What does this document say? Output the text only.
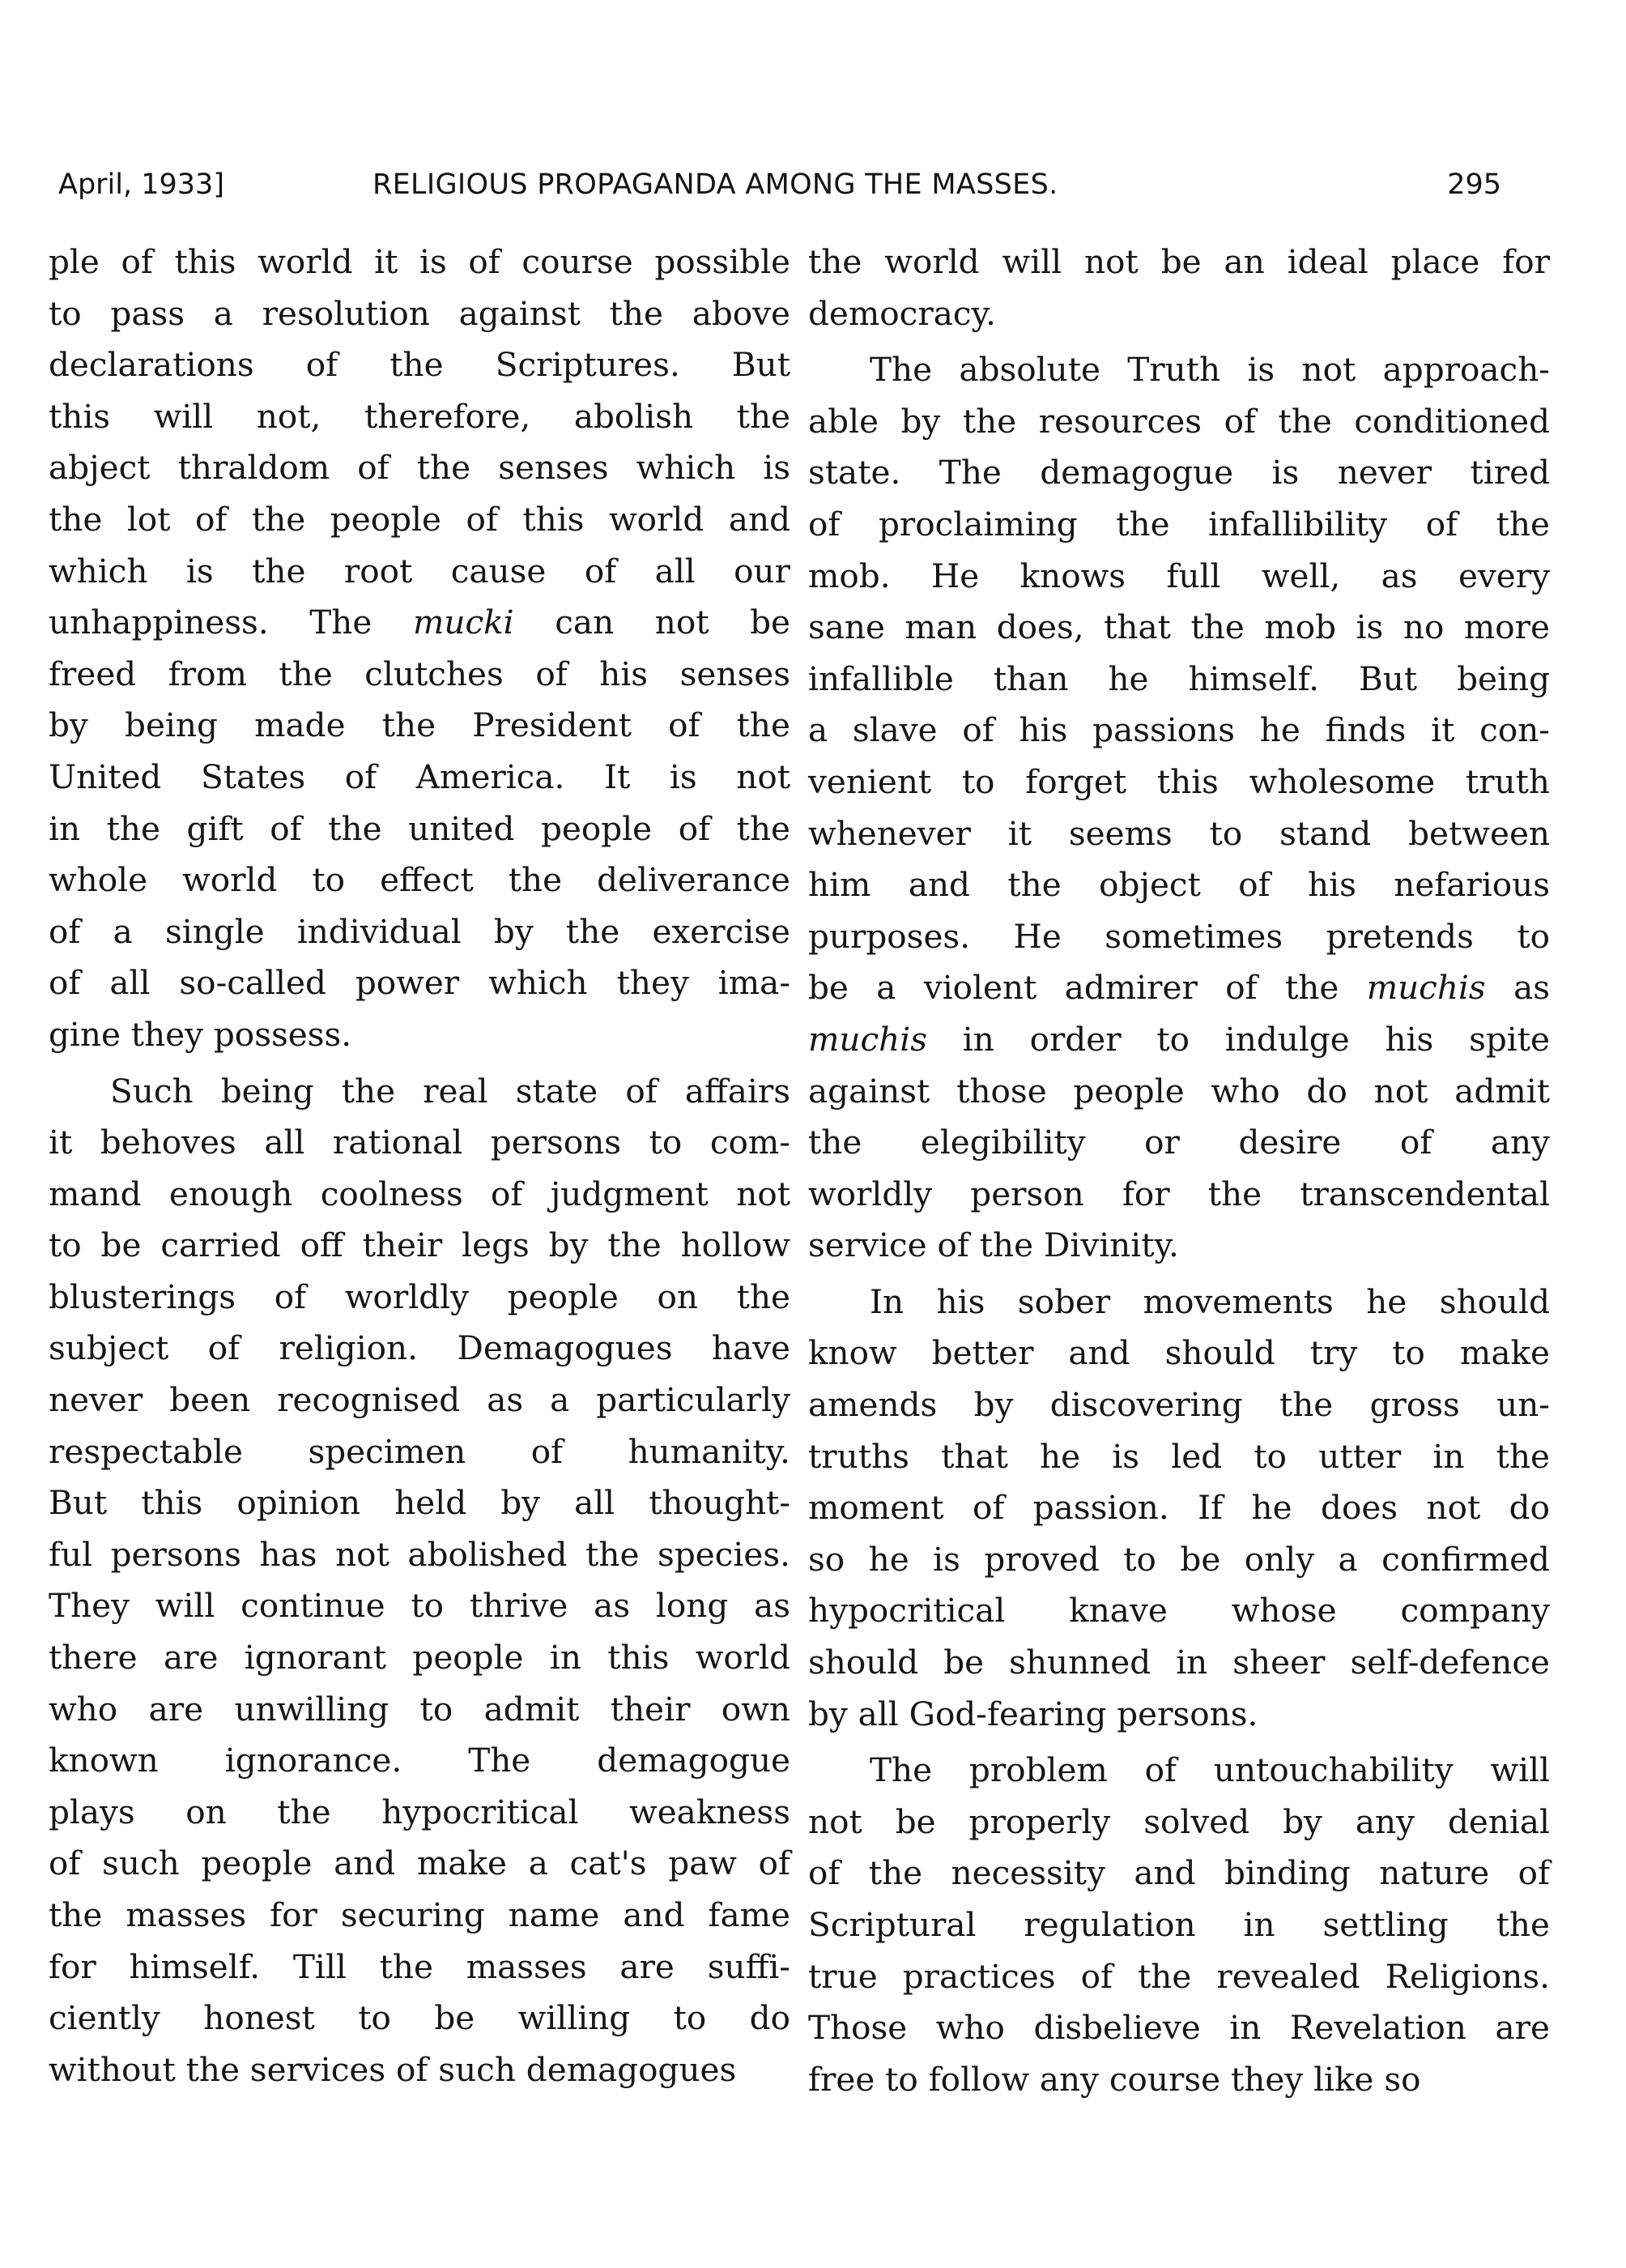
April, 1933]	RELIGIOUS PROPAGANDA AMONG THE MASSES.	295
ple of this world it is of course possible
to pass a resolution against the above
declarations of the Scriptures. But
this will not, therefore, abolish the
abject thraldom of the senses which is
the lot of the people of this world and
which is the root cause of all our
unhappiness. The mucki can not be
freed from the clutches of his senses
by being made the President of the
United States of America. It is not
in the gift of the united people of the
whole world to effect the deliverance
of a single individual by the exercise
of all so-called power which they ima-
gine they possess.
Such being the real state of affairs
it behoves all rational persons to com-
mand enough coolness of judgment not
to be carried off their legs by the hollow
blusterings of worldly people on the
subject of religion. Demagogues have
never been recognised as a particularly
respectable specimen of humanity.
But this opinion held by all thought-
ful persons has not abolished the species.
They will continue to thrive as long as
there are ignorant people in this world
who are unwilling to admit their own
known ignorance. The demagogue
plays on the hypocritical weakness
of such people and make a cat's paw of
the masses for securing name and fame
for himself. Till the masses are suffi-
ciently honest to be willing to do
without the services of such demagogues
the world will not be an ideal place for
democracy.
The absolute Truth is not approach-
able by the resources of the conditioned
state. The demagogue is never tired
of proclaiming the infallibility of the
mob. He knows full well, as every
sane man does, that the mob is no more
infallible than he himself. But being
a slave of his passions he finds it con-
venient to forget this wholesome truth
whenever it seems to stand between
him and the object of his nefarious
purposes. He sometimes pretends to
be a violent admirer of the muchis as
muchis in order to indulge his spite
against those people who do not admit
the elegibility or desire of any
worldly person for the transcendental
service of the Divinity.
In his sober movements he should
know better and should try to make
amends by discovering the gross un-
truths that he is led to utter in the
moment of passion. If he does not do
so he is proved to be only a confirmed
hypocritical knave whose company
should be shunned in sheer self-defence
by all God-fearing persons.
The problem of untouchability will
not be properly solved by any denial
of the necessity and binding nature of
Scriptural regulation in settling the
true practices of the revealed Religions.
Those who disbelieve in Revelation are
free to follow any course they like so
